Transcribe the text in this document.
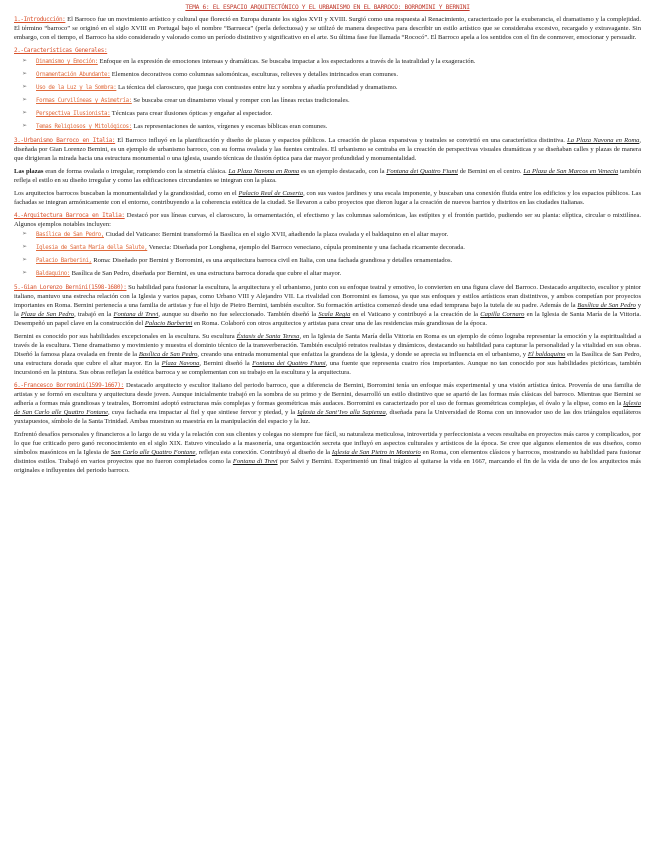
TEMA 6: EL ESPACIO ARQUITECTÓNICO Y EL URBANISMO EN EL BARROCO: BORROMINI Y BERNINI

1.-Introducción: El Barroco fue un movimiento artístico y cultural que floreció en Europa durante los siglos XVII y XVIII. Surgió como una respuesta al Renacimiento, caracterizado por la exuberancia, el dramatismo y la complejidad. El término “barroco” se originó en el siglo XVIII en Portugal bajo el nombre “Barrueca” (perla defectuosa) y se utilizó de manera despectiva para describir un estilo artístico que se consideraba excesivo, recargado y extravagante. Sin embargo, con el tiempo, el Barroco ha sido considerado y valorado como un período distintivo y significativo en el arte. Su última fase fue llamada “Rococó”. El Barroco apela a los sentidos con el fin de conmover, emocionar y persuadir.

2.-Características Generales:

➢ Dinamismo y Emoción: Enfoque en la expresión de emociones intensas y dramáticas. Se buscaba impactar a los espectadores a través de la teatralidad y la exageración.
➢ Ornamentación Abundante: Elementos decorativos como columnas salomónicas, esculturas, relieves y detalles intrincados eran comunes.
➢ Uso de la Luz y la Sombra: La técnica del claroscuro, que juega con contrastes entre luz y sombra y añadía profundidad y dramatismo.
➢ Formas Curvilíneas y Asimetría: Se buscaba crear un dinamismo visual y romper con las líneas rectas tradicionales.
➢ Perspectiva Ilusionista: Técnicas para crear ilusiones ópticas y engañar al espectador.
➢ Temas Religiosos y Mitológicos: Las representaciones de santos, vírgenes y escenas bíblicas eran comunes.

3.-Urbanismo Barroco en Italia: El Barroco influyó en la planificación y diseño de plazas y espacios públicos. La creación de plazas expansivas y teatrales se convirtió en una característica distintiva. La Plaza Navona en Roma, diseñada por Gian Lorenzo Bernini, es un ejemplo de urbanismo barroco, con su forma ovalada y las fuentes centrales. El urbanismo se centraba en la creación de perspectivas visuales dramáticas y se diseñaban calles y plazas de manera que dirigieran la mirada hacia una estructura monumental o una iglesia, usando técnicas de ilusión óptica para dar mayor profundidad y monumentalidad.

Las plazas eran de forma ovalada o irregular, rompiendo con la simetría clásica. La Plaza Navona en Roma es un ejemplo destacado, con la Fontana dei Quattro Fiumi de Bernini en el centro. La Plaza de San Marcos en Venecia también refleja el estilo en su diseño irregular y como las edificaciones circundantes se integran con la plaza.

Los arquitectos barrocos buscaban la monumentalidad y la grandiosidad, como en el Palacio Real de Caserta, con sus vastos jardines y una escala imponente, y buscaban una conexión fluida entre los edificios y los espacios públicos. Las fachadas se integran armónicamente con el entorno, contribuyendo a la coherencia estética de la ciudad. Se llevaron a cabo proyectos que dieron lugar a la creación de nuevos barrios y distritos en las ciudades italianas.

4.-Arquitectura Barroca en Italia: Destacó por sus líneas curvas, el claroscuro, la ornamentación, el efectismo y las columnas salomónicas, las estípites y el frontón partido, pudiendo ser su planta: elíptica, circular o mixtilínea. Algunos ejemplos notables incluyen:

➢ Basílica de San Pedro, Ciudad del Vaticano: Bernini transformó la Basílica en el siglo XVII, añadiendo la plaza ovalada y el baldaquino en el altar mayor.
➢ Iglesia de Santa María della Salute, Venecia: Diseñada por Longhena, ejemplo del Barroco veneciano, cúpula prominente y una fachada ricamente decorada.
➢ Palacio Barberini, Roma: Diseñado por Bernini y Borromini, es una arquitectura barroca civil en Italia, con una fachada grandiosa y detalles ornamentados.
➢ Baldaquino: Basílica de San Pedro, diseñada por Bernini, es una estructura barroca dorada que cubre el altar mayor.

5.-Gian Lorenzo Bernini(1598-1680): Su habilidad para fusionar la escultura, la arquitectura y el urbanismo, junto con su enfoque teatral y emotivo, lo convierten en una figura clave del Barroco. Destacado arquitecto, escultor y pintor italiano, mantuvo una estrecha relación con la Iglesia y varios papas, como Urbano VIII y Alejandro VII. La rivalidad con Borromini es famosa, ya que sus enfoques y estilos artísticos eran distintivos, y ambos competían por proyectos importantes en Roma. Bernini pertenecía a una familia de artistas y fue el hijo de Pietro Bernini, también escultor. Su formación artística comenzó desde una edad temprana bajo la tutela de su padre. Además de la Basílica de San Pedro y la Plaza de San Pedro, trabajó en la Fontana di Trevi, aunque su diseño no fue seleccionado. También diseñó la Scala Regia en el Vaticano y contribuyó a la creación de la Capilla Cornaro en la Iglesia de Santa María de la Vittoria. Desempeñó un papel clave en la construcción del Palacio Barberini en Roma. Colaboró con otros arquitectos y artistas para crear una de las residencias más grandiosas de la época.

Bernini es conocido por sus habilidades excepcionales en la escultura. Su escultura Éxtasis de Santa Teresa, en la Iglesia de Santa María della Vittoria en Roma es un ejemplo de cómo lograba representar la emoción y la espiritualidad a través de la escultura. Tiene dramatismo y movimiento y muestra el dominio técnico de la transverberación. También esculpió retratos realistas y dinámicos, destacando su habilidad para capturar la personalidad y la vitalidad en sus obras. Diseñó la famosa plaza ovalada en frente de la Basílica de San Pedro, creando una entrada monumental que enfatiza la grandeza de la iglesia, y donde se aprecia su influencia en el urbanismo, y El baldaquino en la Basílica de San Pedro, una estructura dorada que cubre el altar mayor. En la Plaza Navona, Bernini diseñó la Fontana dei Quattro Fiumi, una fuente que representa cuatro ríos importantes. Aunque no tan conocido por sus habilidades pictóricas, también incursionó en la pintura. Sus obras reflejan la estética barroca y se complementan con su trabajo en la escultura y la arquitectura.

6.-Francesco Borromini(1599-1667): Destacado arquitecto y escultor italiano del periodo barroco, que a diferencia de Bernini, Borromini tenía un enfoque más experimental y una visión artística única. Provenía de una familia de artistas y se formó en escultura y arquitectura desde joven. Aunque inicialmente trabajó en la sombra de su primo y de Bernini, desarrolló un estilo distintivo que se apartó de las formas más clásicas del barroco. Mientras que Bernini se adhería a formas más grandiosas y teatrales, Borromini adoptó estructuras más complejas y formas geométricas más audaces. Borromini es caracterizado por el uso de formas geométricas complejas, el óvalo y la elipse, como en la Iglesia de San Carlo alle Quattro Fontane, cuya fachada era impactar al fiel y que sintiese fervor y piedad, y la Iglesia de Sant’Ivo alla Sapienza, diseñada para la Universidad de Roma con un innovador uso de las dos triángulos equiláteros yuxtapuestos, símbolo de la Santa Trinidad. Ambas muestran su maestría en la manipulación del espacio y la luz.

Enfrentó desafíos personales y financieros a lo largo de su vida y la relación con sus clientes y colegas no siempre fue fácil, su naturaleza meticulosa, introvertida y perfeccionista a veces resultaba en proyectos más caros y complicados, por lo que fue criticado pero ganó reconocimiento en el siglo XIX. Estuvo vinculado a la masonería, una organización secreta que influyó en aspectos culturales y artísticos de la época. Se cree que algunos elementos de sus diseños, como símbolos masónicos en la Iglesia de San Carlo alle Quattro Fontane, reflejan esta conexión. Contribuyó al diseño de la Iglesia de San Pietro in Montorio en Roma, con elementos clásicos y barrocos, mostrando su habilidad para fusionar distintos estilos. Trabajó en varios proyectos que no fueron completados como la Fontana di Trevi por Salvi y Bernini. Experimentó un final trágico al quitarse la vida en 1667, marcando el fin de la vida de uno de los arquitectos más originales e influyentes del periodo barroco.
